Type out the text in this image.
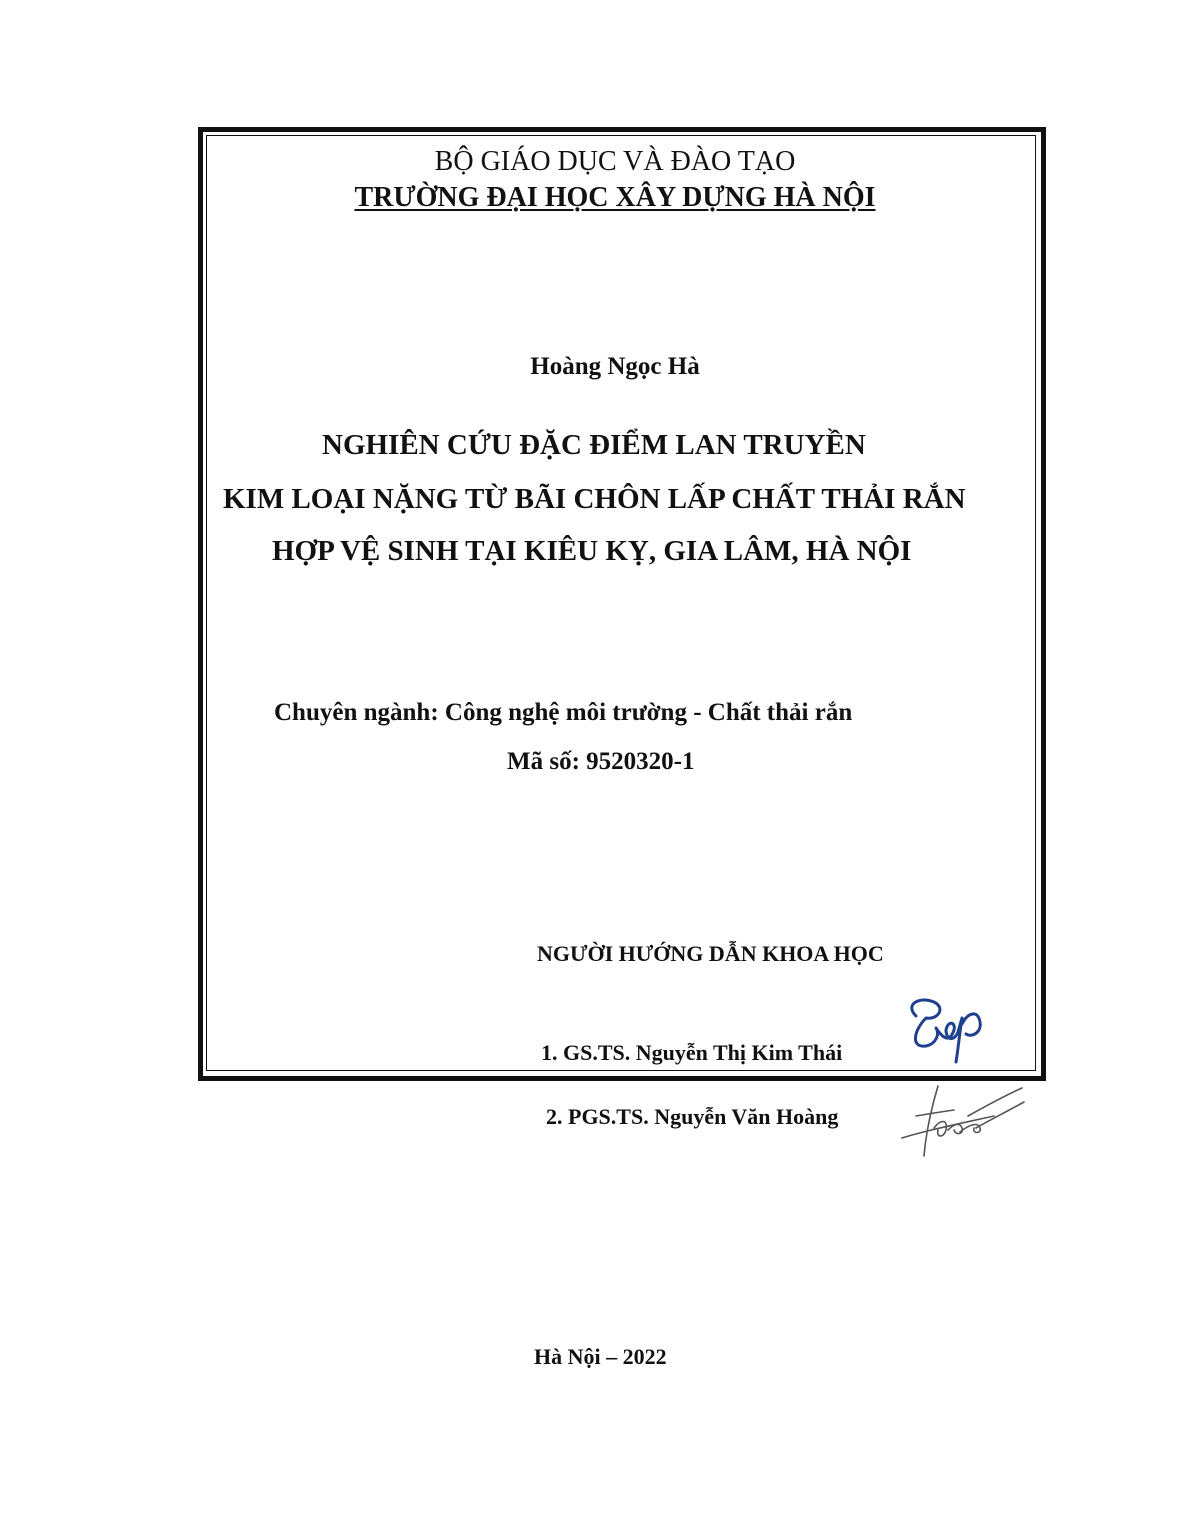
BỘ GIÁO DỤC VÀ ĐÀO TẠO
TRƯỜNG ĐẠI HỌC XÂY DỰNG HÀ NỘI
Hoàng Ngọc Hà
NGHIÊN CỨU ĐẶC ĐIỂM LAN TRUYỀN
KIM LOẠI NẶNG TỪ BÃI CHÔN LẤP CHẤT THẢI RẮN
HỢP VỆ SINH TẠI KIÊU KỴ, GIA LÂM, HÀ NỘI
Chuyên ngành: Công nghệ môi trường - Chất thải rắn
Mã số: 9520320-1
NGƯỜI HƯỚNG DẪN KHOA HỌC
1. GS.TS. Nguyễn Thị Kim Thái
2. PGS.TS. Nguyễn Văn Hoàng
Hà Nội – 2022
